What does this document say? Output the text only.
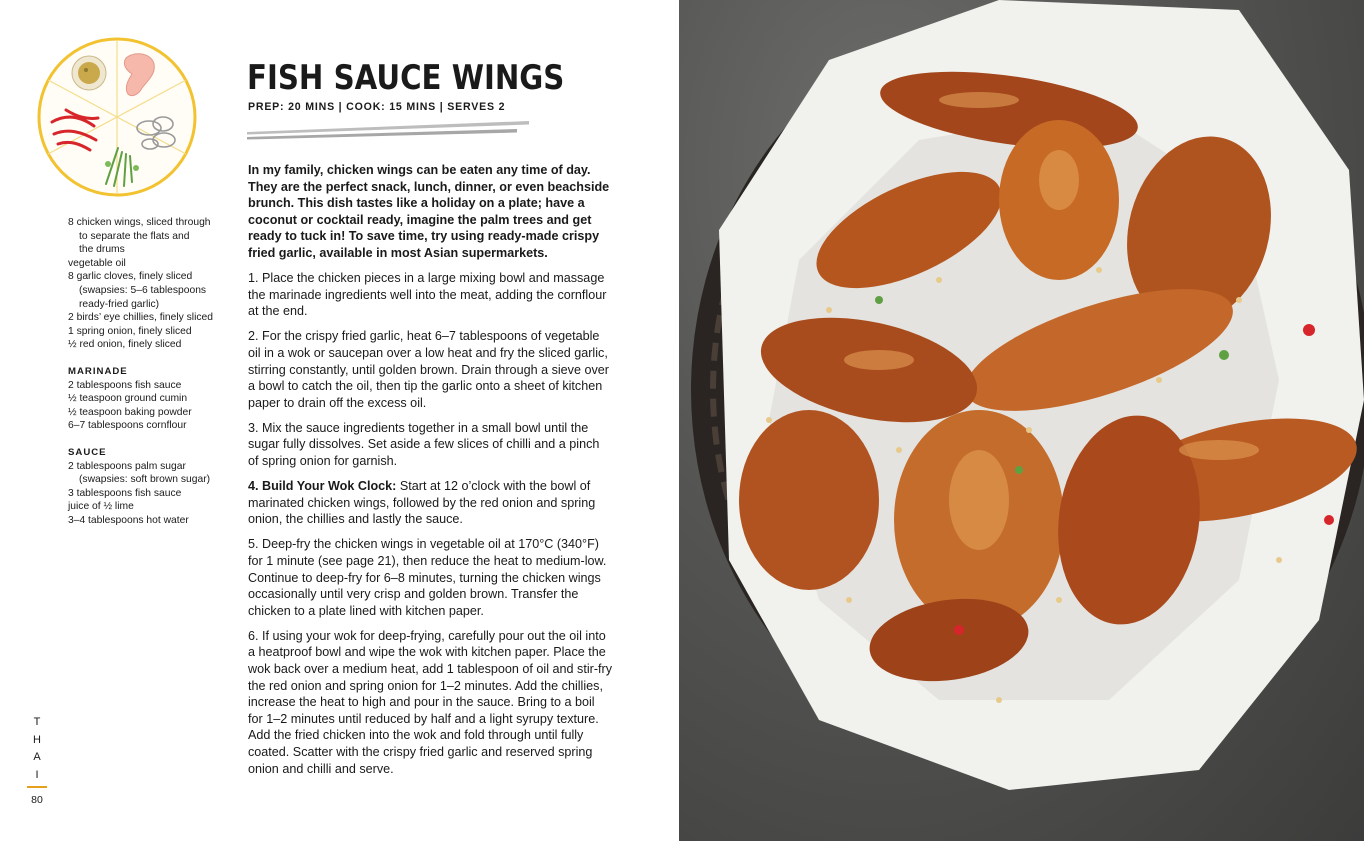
8 chicken wings, sliced through
to separate the flats and
the drums
vegetable oil
8 garlic cloves, finely sliced
(swapsies: 5–6 tablespoons
ready-fried garlic)
2 birds’ eye chillies, finely sliced
1 spring onion, finely sliced
½ red onion, finely sliced
MARINADE
2 tablespoons fish sauce
½ teaspoon ground cumin
½ teaspoon baking powder
6–7 tablespoons cornflour
SAUCE
2 tablespoons palm sugar
(swapsies: soft brown sugar)
3 tablespoons fish sauce
juice of ½ lime
3–4 tablespoons hot water
FISH SAUCE WINGS
PREP: 20 MINS | COOK: 15 MINS | SERVES 2

In my family, chicken wings can be eaten any time of day. They are the perfect snack, lunch, dinner, or even beachside brunch. This dish tastes like a holiday on a plate; have a coconut or cocktail ready, imagine the palm trees and get ready to tuck in! To save time, try using ready-made crispy fried garlic, available in most Asian supermarkets.

1. Place the chicken pieces in a large mixing bowl and massage the marinade ingredients well into the meat, adding the cornflour at the end.

2. For the crispy fried garlic, heat 6–7 tablespoons of vegetable oil in a wok or saucepan over a low heat and fry the sliced garlic, stirring constantly, until golden brown. Drain through a sieve over a bowl to catch the oil, then tip the garlic onto a sheet of kitchen paper to drain off the excess oil.

3. Mix the sauce ingredients together in a small bowl until the sugar fully dissolves. Set aside a few slices of chilli and a pinch of spring onion for garnish.

4. Build Your Wok Clock: Start at 12 o’clock with the bowl of marinated chicken wings, followed by the red onion and spring onion, the chillies and lastly the sauce.

5. Deep-fry the chicken wings in vegetable oil at 170°C (340°F) for 1 minute (see page 21), then reduce the heat to medium-low. Continue to deep-fry for 6–8 minutes, turning the chicken wings occasionally until very crisp and golden brown. Transfer the chicken to a plate lined with kitchen paper.

6. If using your wok for deep-frying, carefully pour out the oil into a heatproof bowl and wipe the wok with kitchen paper. Place the wok back over a medium heat, add 1 tablespoon of oil and stir-fry the red onion and spring onion for 1–2 minutes. Add the chillies, increase the heat to high and pour in the sauce. Bring to a boil for 1–2 minutes until reduced by half and a light syrupy texture. Add the fried chicken into the wok and fold through until fully coated. Scatter with the crispy fried garlic and reserved spring onion and chilli and serve.

T
H
A
I
80
